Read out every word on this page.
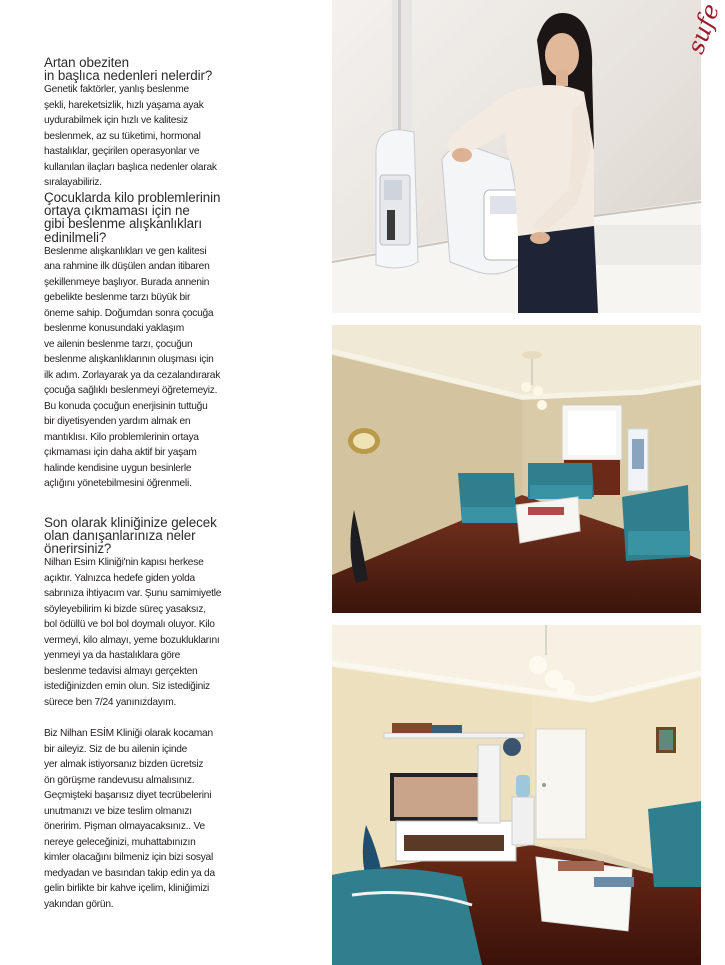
Artan obeziten
in başlıca nedenleri nelerdir?
Genetik faktörler, yanlış beslenme
şekli, hareketsizlik, hızlı yaşama ayak
uydurabilmek için hızlı ve kalitesiz
beslenmek, az su tüketimi, hormonal
hastalıklar, geçirilen operasyonlar ve
kullanılan ilaçları başlıca nedenler olarak
sıralayabiliriz.
Çocuklarda kilo problemlerinin
ortaya çıkmaması için ne
gibi beslenme alışkanlıkları
edinilmeli?
Beslenme alışkanlıkları ve gen kalitesi
ana rahmine ilk düşülen andan itibaren
şekillenmeye başlıyor. Burada annenin
gebelikte beslenme tarzı büyük bir
öneme sahip. Doğumdan sonra çocuğa
beslenme konusundaki yaklaşım
ve ailenin beslenme tarzı, çocuğun
beslenme alışkanlıklarının oluşması için
ilk adım. Zorlayarak ya da cezalandırarak
çocuğa sağlıklı beslenmeyi öğretemeyiz.
Bu konuda çocuğun enerjisinin tuttuğu
bir diyetisyenden yardım almak en
mantıklısı. Kilo problemlerinin ortaya
çıkmaması için daha aktif bir yaşam
halinde kendisine uygun besinlerle
açlığını yönetebilmesini öğrenmeli.
Son olarak kliniğinize gelecek
olan danışanlarınıza neler
önerirsiniz?
Nilhan Esim Kliniği'nin kapısı herkese
açıktır. Yalnızca hedefe giden yolda
sabrınıza ihtiyacım var. Şunu samimiyetle
söyleyebilirim ki bizde süreç yasaksız,
bol ödüllü ve bol bol doymalı oluyor. Kilo
vermeyi, kilo almayı, yeme bozukluklarını
yenmeyi ya da hastalıklara göre
beslenme tedavisi almayı gerçekten
istediğinizden emin olun. Siz istediğiniz
sürece ben 7/24 yanınızdayım.
Biz Nilhan ESİM Kliniği olarak kocaman
bir aileyiz. Siz de bu ailenin içinde
yer almak istiyorsanız bizden ücretsiz
ön görüşme randevusu almalısınız.
Geçmişteki başarısız diyet tecrübelerini
unutmanızı ve bize teslim olmanızı
öneririm. Pişman olmayacaksınız.. Ve
nereye geleceğinizi, muhattabınızın
kimler olacağını bilmeniz için bizi sosyal
medyadan ve basından takip edin ya da
gelin birlikte bir kahve içelim, kliniğimizi
yakından görün.
sufe
